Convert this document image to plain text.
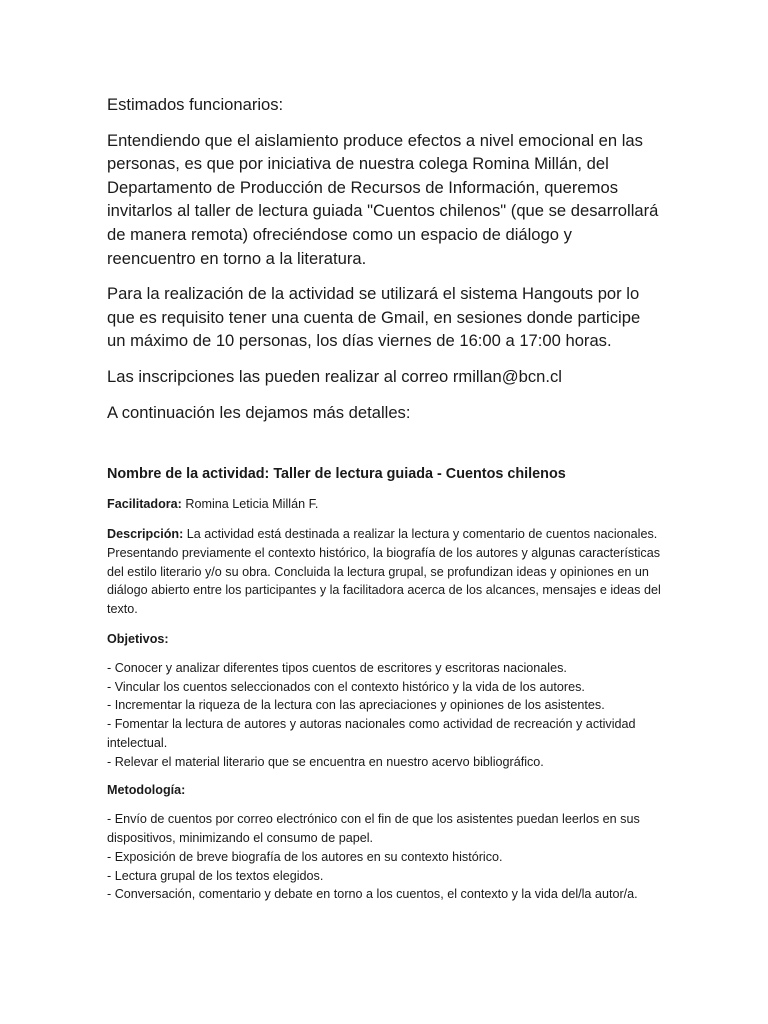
Estimados funcionarios:

Entendiendo que el aislamiento produce efectos a nivel emocional en las personas, es que por iniciativa de nuestra colega Romina Millán, del Departamento de Producción de Recursos de Información, queremos invitarlos al taller de lectura guiada "Cuentos chilenos" (que se desarrollará de manera remota) ofreciéndose como un espacio de diálogo y reencuentro en torno a la literatura.

Para la realización de la actividad se utilizará el sistema Hangouts por lo que es requisito tener una cuenta de Gmail, en sesiones donde participe un máximo de 10 personas, los días viernes de 16:00 a 17:00 horas.

Las inscripciones las pueden realizar al correo rmillan@bcn.cl

A continuación les dejamos más detalles:

Nombre de la actividad: Taller de lectura guiada - Cuentos chilenos

Facilitadora: Romina Leticia Millán F.

Descripción: La actividad está destinada a realizar la lectura y comentario de cuentos nacionales. Presentando previamente el contexto histórico, la biografía de los autores y algunas características del estilo literario y/o su obra. Concluida la lectura grupal, se profundizan ideas y opiniones en un diálogo abierto entre los participantes y la facilitadora acerca de los alcances, mensajes e ideas del texto.

Objetivos:
- Conocer y analizar diferentes tipos cuentos de escritores y escritoras nacionales.
- Vincular los cuentos seleccionados con el contexto histórico y la vida de los autores.
- Incrementar la riqueza de la lectura con las apreciaciones y opiniones de los asistentes.
- Fomentar la lectura de autores y autoras nacionales como actividad de recreación y actividad intelectual.
- Relevar el material literario que se encuentra en nuestro acervo bibliográfico.
Metodología:
- Envío de cuentos por correo electrónico con el fin de que los asistentes puedan leerlos en sus dispositivos, minimizando el consumo de papel.
- Exposición de breve biografía de los autores en su contexto histórico.
- Lectura grupal de los textos elegidos.
- Conversación, comentario y debate en torno a los cuentos, el contexto y la vida del/la autor/a.
